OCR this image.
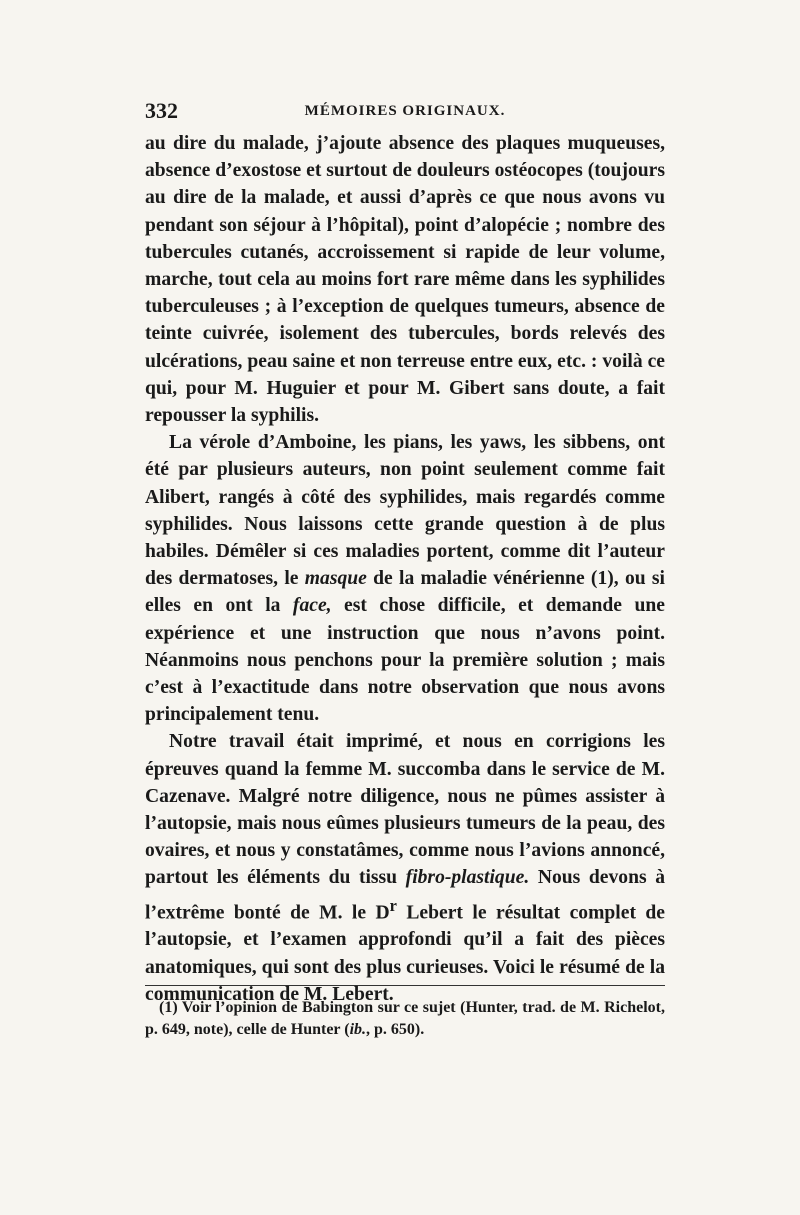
332	MÉMOIRES ORIGINAUX.

au dire du malade, j’ajoute absence des plaques muqueuses, absence d’exostose et surtout de douleurs ostéocopes (toujours au dire de la malade, et aussi d’après ce que nous avons vu pendant son séjour à l’hôpital), point d’alopécie ; nombre des tubercules cutanés, accroissement si rapide de leur volume, marche, tout cela au moins fort rare même dans les syphilides tuberculeuses ; à l’exception de quelques tumeurs, absence de teinte cuivrée, isolement des tubercules, bords relevés des ulcérations, peau saine et non terreuse entre eux, etc. : voilà ce qui, pour M. Huguier et pour M. Gibert sans doute, a fait repousser la syphilis.

La vérole d’Amboine, les pians, les yaws, les sibbens, ont été par plusieurs auteurs, non point seulement comme fait Alibert, rangés à côté des syphilides, mais regardés comme syphilides. Nous laissons cette grande question à de plus habiles. Démêler si ces maladies portent, comme dit l’auteur des dermatoses, le masque de la maladie vénérienne (1), ou si elles en ont la face, est chose difficile, et demande une expérience et une instruction que nous n’avons point. Néanmoins nous penchons pour la première solution ; mais c’est à l’exactitude dans notre observation que nous avons principalement tenu.

Notre travail était imprimé, et nous en corrigions les épreuves quand la femme M. succomba dans le service de M. Cazenave. Malgré notre diligence, nous ne pûmes assister à l’autopsie, mais nous eûmes plusieurs tumeurs de la peau, des ovaires, et nous y constatâmes, comme nous l’avions annoncé, partout les éléments du tissu fibro-plastique. Nous devons à l’extrême bonté de M. le $D^r$ Lebert le résultat complet de l’autopsie, et l’examen approfondi qu’il a fait des pièces anatomiques, qui sont des plus curieuses. Voici le résumé de la communication de M. Lebert.

(1) Voir l’opinion de Babington sur ce sujet (Hunter, trad. de M. Richelot, p. 649, note), celle de Hunter (ib., p. 650).
